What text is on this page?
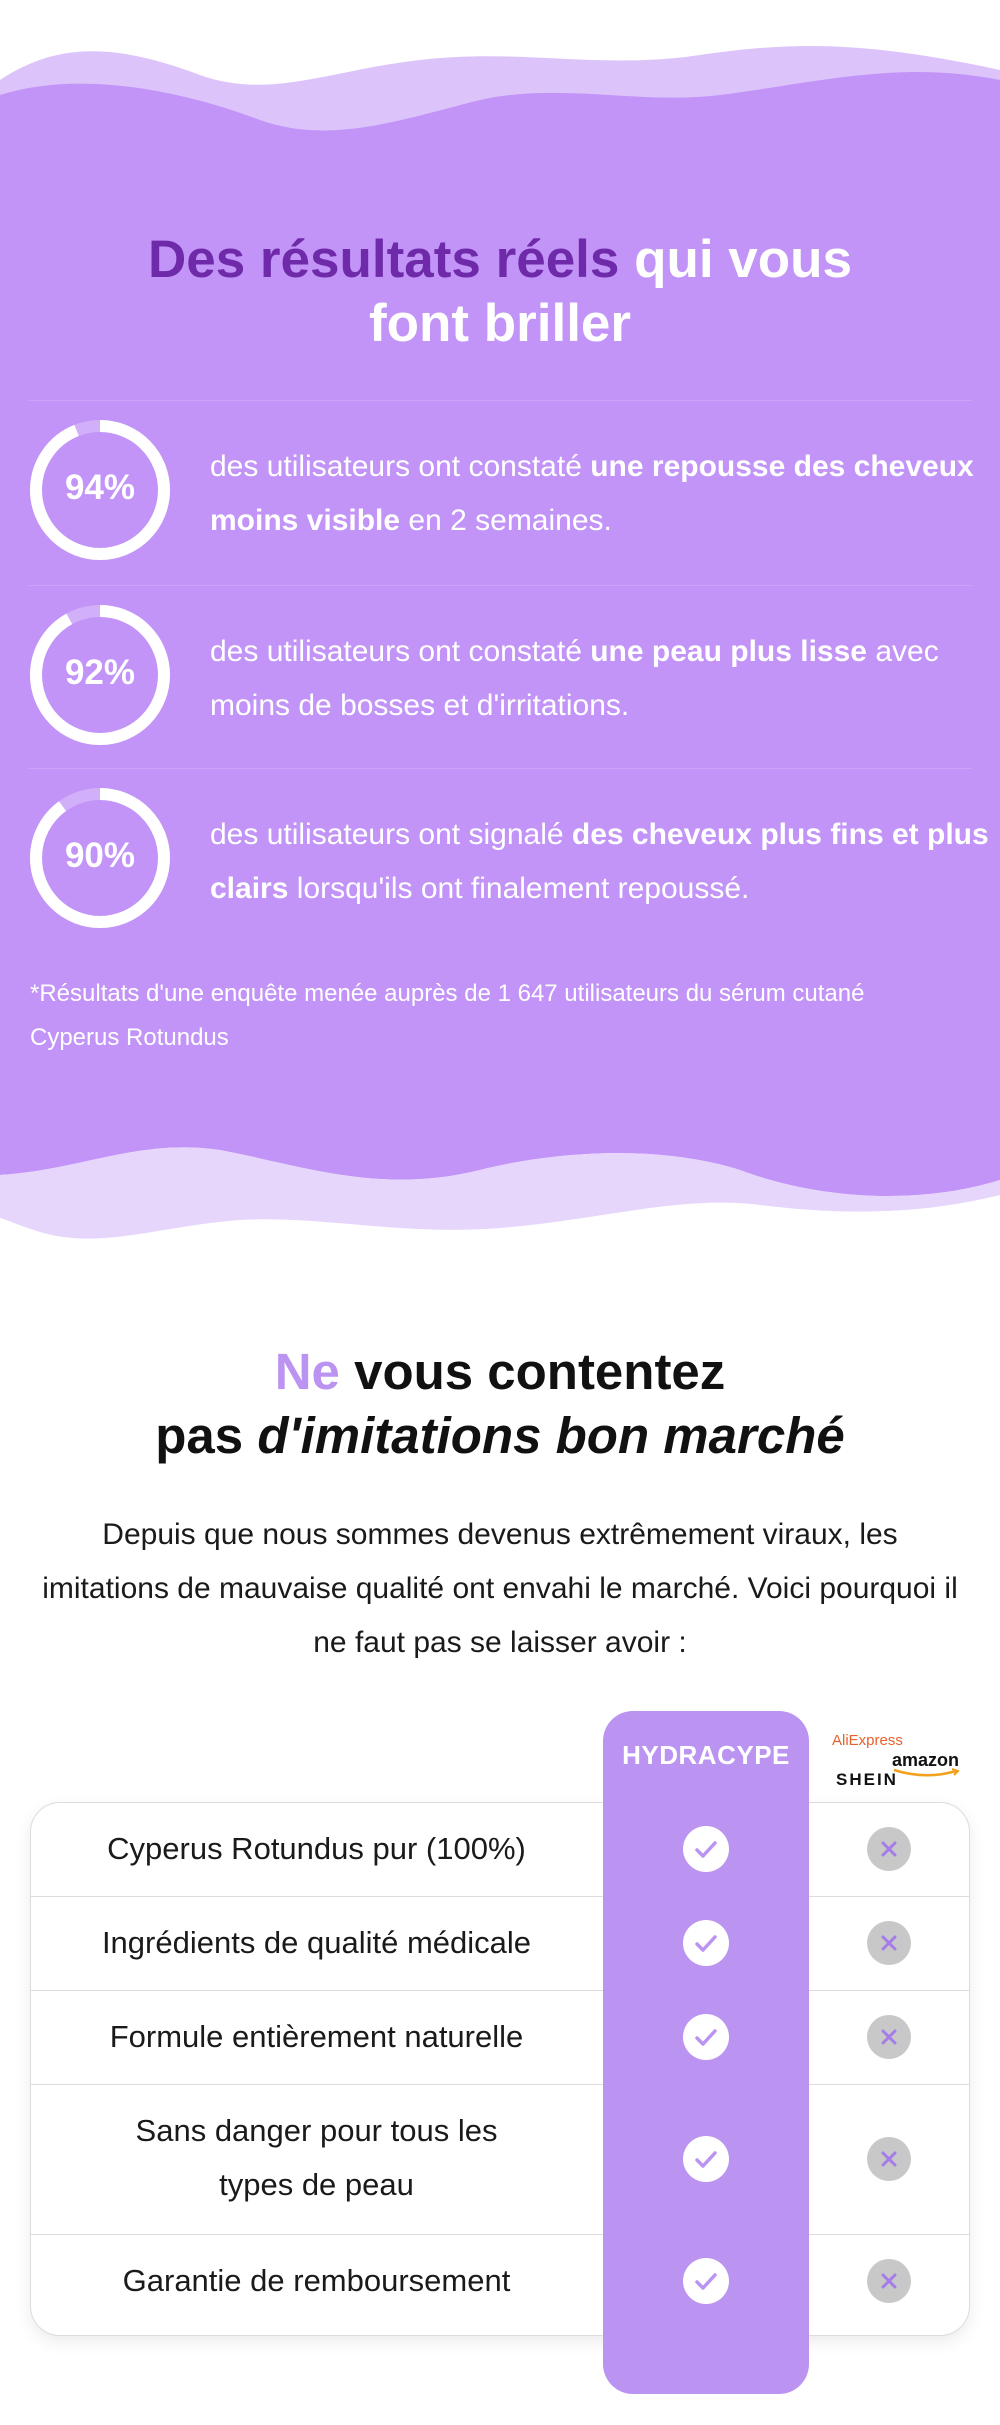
Des résultats réels qui vous
font briller
94%

des utilisateurs ont constaté une repousse des cheveux moins visible en 2 semaines.

92%

des utilisateurs ont constaté une peau plus lisse avec moins de bosses et d'irritations.

90%

des utilisateurs ont signalé des cheveux plus fins et plus clairs lorsqu'ils ont finalement repoussé.

*Résultats d'une enquête menée auprès de 1 647 utilisateurs du sérum cutané Cyperus Rotundus

Ne vous contentez
pas d'imitations bon marché

Depuis que nous sommes devenus extrêmement viraux, les imitations de mauvaise qualité ont envahi le marché. Voici pourquoi il ne faut pas se laisser avoir :

HYDRACYPE	AliExpress
amazon
SHEIN
Cyperus Rotundus pur (100%)
Ingrédients de qualité médicale
Formule entièrement naturelle
Sans danger pour tous les types de peau
Garantie de remboursement
